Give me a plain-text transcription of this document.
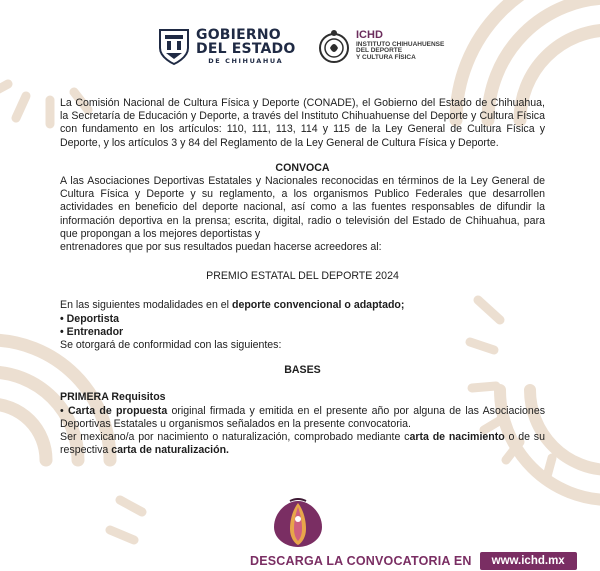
GOBIERNO
DEL ESTADO
DE CHIHUAHUA
ICHD
INSTITUTO CHIHUAHUENSE
DEL DEPORTE
Y CULTURA FÍSICA

La Comisión Nacional de Cultura Física y Deporte (CONADE), el Gobierno del Estado de Chihuahua, la Secretaría de Educación y Deporte, a través del Instituto Chihuahuense del Deporte y Cultura Física con fundamento en los artículos: 110, 111, 113, 114 y 115 de la Ley General de Cultura Física y Deporte, y los artículos 3 y 84 del Reglamento de la Ley General de Cultura Física y Deporte.

CONVOCA

A las Asociaciones Deportivas Estatales y Nacionales reconocidas en términos de la Ley General de Cultura Física y Deporte y su reglamento, a los organismos Publico Federales que desarrollen actividades en beneficio del deporte nacional, así como a las fuentes responsables de difundir la información deportiva en la prensa; escrita, digital, radio o televisión del Estado de Chihuahua, para que propongan a los mejores deportistas y

entrenadores que por sus resultados puedan hacerse acreedores al:

PREMIO ESTATAL DEL DEPORTE 2024

En las siguientes modalidades en el deporte convencional o adaptado;

• Deportista

• Entrenador

Se otorgará de conformidad con las siguientes:

BASES

PRIMERA Requisitos

• Carta de propuesta original firmada y emitida en el presente año por alguna de las Asociaciones Deportivas Estatales u organismos señalados en la presente convocatoria.

Ser mexicano/a por nacimiento o naturalización, comprobado mediante carta de nacimiento o de su respectiva carta de naturalización.

DESCARGA LA CONVOCATORIA EN	www.ichd.mx
